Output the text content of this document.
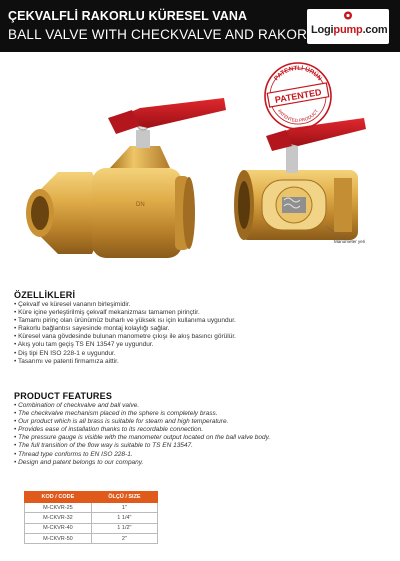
ÇEKVALFLİ RAKORLU KÜRESEL VANA
BALL VALVE WITH CHECKVALVE AND RAKOR Logipump.com
DN
PATENTLİ ÜRÜN
PATENTED PRODUCT
PATENTED
Manometer yeri
ÖZELLİKLERİ
• Çekvalf ve küresel vananın birleşimidir.
• Küre içine yerleştirilmiş çekvalf mekanizması tamamen pirinçtir.
• Tamamı pirinç olan ürünümüz buharlı ve yüksek ısı için kullanıma uygundur.
• Rakorlu bağlantısı sayesinde montaj kolaylığı sağlar.
• Küresel vana gövdesinde bulunan manometre çıkışı ile akış basıncı görülür.
• Akış yolu tam geçiş TS EN 13547 ye uygundur.
• Diş tipi EN ISO 228-1 e uygundur.
• Tasarımı ve patenti firmamıza aittir.
PRODUCT FEATURES
• Combination of checkvalve and ball valve.
• The checkvalve mechanism placed in the sphere is completely brass.
• Our product which is all brass is suitable for steam and high temperature.
• Provides ease of installation thanks to its recordable connection.
• The pressure gauge is visible with the manometer output located on the ball valve body.
• The full transition of the flow way is suitable to TS EN 13547.
• Thread type conforms to EN ISO 228-1.
• Design and patent belongs to our company.
KOD / CODE	ÖLÇÜ / SIZE
M-CKVR-25	1"
M-CKVR-32	1 1/4"
M-CKVR-40	1 1/2"
M-CKVR-50	2"
